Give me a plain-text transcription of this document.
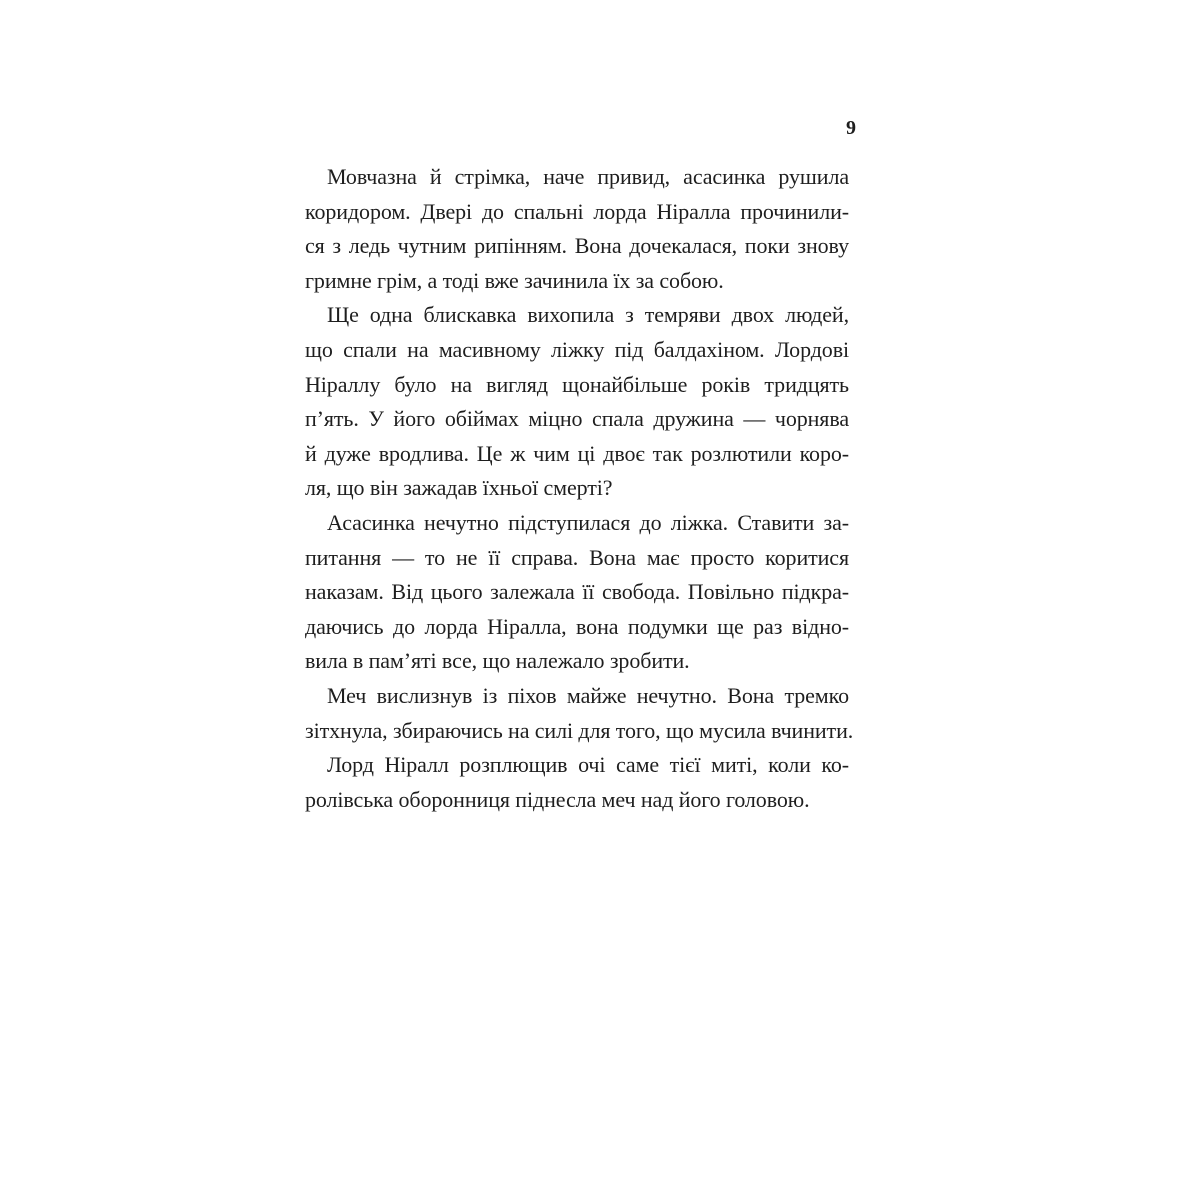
9
Мовчазна й стрімка, наче привид, асасинка рушила
коридором. Двері до спальні лорда Ніралла прочинили-
ся з ледь чутним рипінням. Вона дочекалася, поки знову
гримне грім, а тоді вже зачинила їх за собою.
Ще одна блискавка вихопила з темряви двох людей,
що спали на масивному ліжку під балдахіном. Лордові
Ніраллу було на вигляд щонайбільше років тридцять
п’ять. У його обіймах міцно спала дружина — чорнява
й дуже вродлива. Це ж чим ці двоє так розлютили коро-
ля, що він зажадав їхньої смерті?
Асасинка нечутно підступилася до ліжка. Ставити за-
питання — то не її справа. Вона має просто коритися
наказам. Від цього залежала її свобода. Повільно підкра-
даючись до лорда Ніралла, вона подумки ще раз відно-
вила в пам’яті все, що належало зробити.
Меч вислизнув із піхов майже нечутно. Вона тремко
зітхнула, збираючись на силі для того, що мусила вчинити.
Лорд Ніралл розплющив очі саме тієї миті, коли ко-
ролівська оборонниця піднесла меч над його головою.
